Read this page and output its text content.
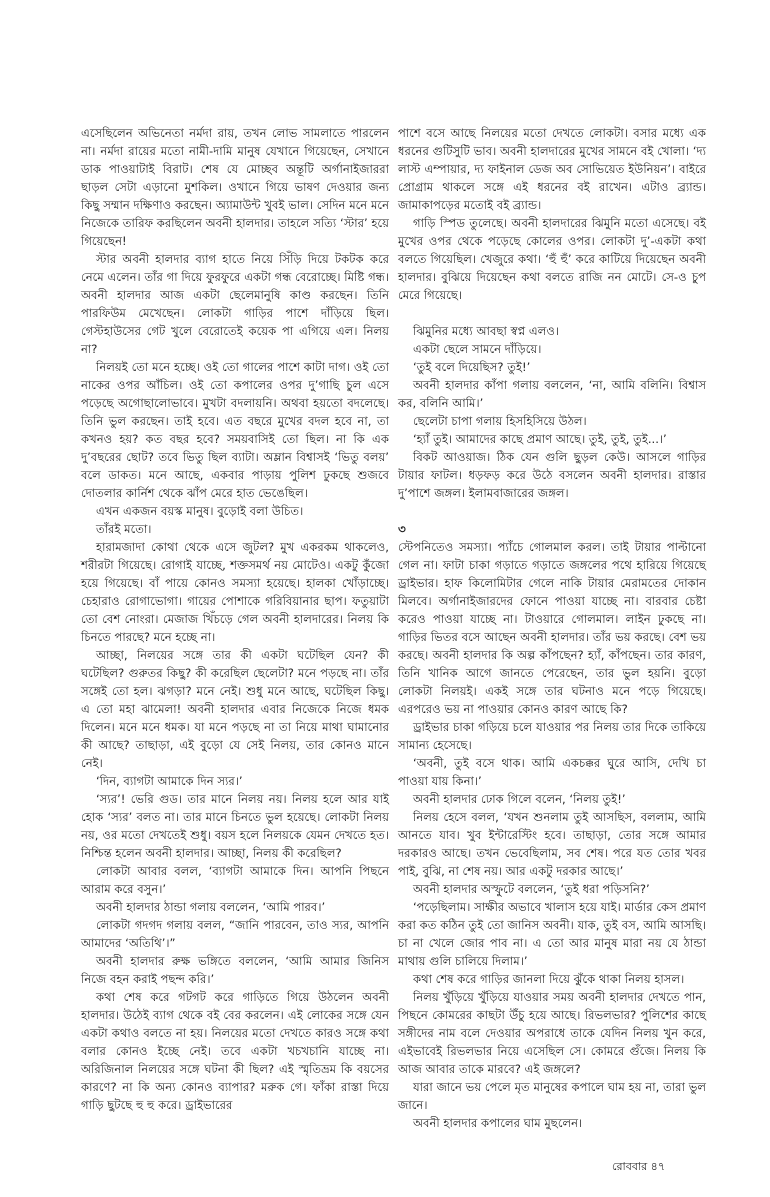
এসেছিলেন অভিনেতা নর্মদা রায়, তখন লোভ সামলাতে পারলেন না। নর্মদা রায়ের মতো নামী-দামি মানুষ যেখানে গিয়েছেন, সেখানে ডাক পাওয়াটাই বিরাট। শেষ যে মোচ্ছব অন্তূটি অর্গানাইজাররা ছাড়ল সেটা এড়ানো মুশকিল। ওখানে গিয়ে ভাষণ দেওয়ার জন্য কিছু সম্মান দক্ষিণাও করছেন। অ্যামাউন্ট খুবই ভাল। সেদিন মনে মনে নিজেকে তারিফ করছিলেন অবনী হালদার। তাহলে সত্যি ‘স্টার’ হয়ে গিয়েছেন!

স্টার অবনী হালদার ব্যাগ হাতে নিয়ে সিঁড়ি দিয়ে টকটক করে নেমে এলেন। তাঁর গা দিয়ে ফুরফুরে একটা গন্ধ বেরোচ্ছে। মিষ্টি গন্ধ। অবনী হালদার আজ একটা ছেলেমানুষি কাণ্ড করছেন। তিনি পারফিউম মেখেছেন। লোকটা গাড়ির পাশে দাঁড়িয়ে ছিল। গেস্টহাউসের গেট খুলে বেরোতেই কয়েক পা এগিয়ে এল। নিলয় না?

নিলয়ই তো মনে হচ্ছে। ওই তো গালের পাশে কাটা দাগ। ওই তো নাকের ওপর আঁচিল। ওই তো কপালের ওপর দু’গাছি চুল এসে পড়েছে অগোছালোভাবে। মুখটা বদলায়নি। অথবা হয়তো বদলেছে। তিনি ভুল করছেন। তাই হবে। এত বছরে মুখের বদল হবে না, তা কখনও হয়? কত বছর হবে? সময়বাসিই তো ছিল। না কি এক দু’বছরের ছোট? তবে ভিতু ছিল ব্যাটা। অম্লান বিশ্বাসই ‘ভিতু বলয়’ বলে ডাকত। মনে আছে, একবার পাড়ায় পুলিশ ঢুকছে শুজবে দোতলার কার্নিশ থেকে ঝাঁপ মেরে হাত ভেঙেছিল।

এখন একজন বয়স্ক মানুষ। বুড়োই বলা উচিত।

তাঁরই মতো।

হারামজাদা কোথা থেকে এসে জুটল? মুখ একরকম থাকলেও, শরীরটা গিয়েছে। রোগাই যাচ্ছে, শক্তসমর্থ নয় মোটেও। একটু কুঁজো হয়ে গিয়েছে। বাঁ পায়ে কোনও সমস্যা হয়েছে। হালকা খোঁড়াচ্ছে। চেহারাও রোগাভোগা। গায়ের পোশাকে গরিবিয়ানার ছাপ। ফতুয়াটা তো বেশ নোংরা। মেজাজ খিঁচড়ে গেল অবনী হালদারের। নিলয় কি চিনতে পারছে? মনে হচ্ছে না।

আচ্ছা, নিলয়ের সঙ্গে তার কী একটা ঘটেছিল যেন? কী ঘটেছিল? গুরুতর কিছু? কী করেছিল ছেলেটা? মনে পড়ছে না। তাঁর সঙ্গেই তো হল। ঝগড়া? মনে নেই। শুধু মনে আছে, ঘটেছিল কিছু। এ তো মহা ঝামেলা! অবনী হালদার এবার নিজেকে নিজে ধমক দিলেন। মনে মনে ধমক। যা মনে পড়ছে না তা নিয়ে মাথা ঘামানোর কী আছে? তাছাড়া, এই বুড়ো যে সেই নিলয়, তার কোনও মানে নেই।

‘দিন, ব্যাগটা আমাকে দিন স্যর।’

‘স্যর’! ভেরি গুড। তার মানে নিলয় নয়। নিলয় হলে আর যাই হোক ‘স্যর’ বলত না। তার মানে চিনতে ভুল হয়েছে। লোকটা নিলয় নয়, ওর মতো দেখতেই শুধু। বয়স হলে নিলয়কে যেমন দেখতে হত। নিশ্চিন্ত হলেন অবনী হালদার। আচ্ছা, নিলয় কী করেছিল?

লোকটা আবার বলল, ‘ব্যাগটা আমাকে দিন। আপনি পিছনে আরাম করে বসুন।’

অবনী হালদার ঠান্ডা গলায় বললেন, ‘আমি পারব।’

লোকটা গদগদ গলায় বলল, “জানি পারবেন, তাও স্যর, আপনি আমাদের ‘অতিথি’।”

অবনী হালদার রুক্ষ ভঙ্গিতে বললেন, ‘আমি আমার জিনিস নিজে বহন করাই পছন্দ করি।’

কথা শেষ করে গটগট করে গাড়িতে গিয়ে উঠলেন অবনী হালদার। উঠেই ব্যাগ থেকে বই বের করলেন। এই লোকের সঙ্গে যেন একটা কথাও বলতে না হয়। নিলয়ের মতো দেখতে কারও সঙ্গে কথা বলার কোনও ইচ্ছে নেই। তবে একটা খচখচানি যাচ্ছে না। অরিজিনাল নিলয়ের সঙ্গে ঘটনা কী ছিল? এই স্মৃতিভ্রম কি বয়সের কারণে? না কি অন্য কোনও ব্যাপার? মরুক গে। ফাঁকা রাস্তা দিয়ে গাড়ি ছুটছে হু হু করে। ড্রাইভারের

পাশে বসে আছে নিলয়ের মতো দেখতে লোকটা। বসার মধ্যে এক ধরনের গুটিসুটি ভাব। অবনী হালদারের মুখের সামনে বই খোলা। ‘দ্য লাস্ট এম্পায়ার, দ্য ফাইনাল ডেজ অব সোভিয়েত ইউনিয়ন’। বাইরে প্রোগ্রাম থাকলে সঙ্গে এই ধরনের বই রাখেন। এটাও ব্র্যান্ড। জামাকাপড়ের মতোই বই ব্র্যান্ড।

গাড়ি স্পিড তুলেছে। অবনী হালদারের ঝিমুনি মতো এসেছে। বই মুখের ওপর থেকে পড়েছে কোলের ওপর। লোকটা দু’-একটা কথা বলতে গিয়েছিল। খেজুরে কথা। ‘হুঁ হুঁ’ করে কাটিয়ে দিয়েছেন অবনী হালদার। বুঝিয়ে দিয়েছেন কথা বলতে রাজি নন মোটে। সে-ও চুপ মেরে গিয়েছে।

ঝিমুনির মধ্যে আবছা স্বপ্ন এলও।

একটা ছেলে সামনে দাঁড়িয়ে।

‘তুই বলে দিয়েছিস? তুই!’

অবনী হালদার কাঁপা গলায় বললেন, ‘না, আমি বলিনি। বিশ্বাস কর, বলিনি আমি।’

ছেলেটা চাপা গলায় হিসহিসিয়ে উঠল।

‘হ্যাঁ তুই। আমাদের কাছে প্রমাণ আছে। তুই, তুই, তুই...।’

বিকট আওয়াজ। ঠিক যেন গুলি ছুড়ল কেউ। আসলে গাড়ির টায়ার ফাটল। ধড়ফড় করে উঠে বসলেন অবনী হালদার। রাস্তার দু’পাশে জঙ্গল। ইলামবাজারের জঙ্গল।

৩

স্টেপনিতেও সমস্যা। প্যাঁচে গোলমাল করল। তাই টায়ার পাল্টানো গেল না। ফাটা চাকা গড়াতে গড়াতে জঙ্গলের পথে হারিয়ে গিয়েছে ড্রাইভার। হাফ কিলোমিটার গেলে নাকি টায়ার মেরামতের দোকান মিলবে। অর্গানাইজারদের ফোনে পাওয়া যাচ্ছে না। বারবার চেষ্টা করেও পাওয়া যাচ্ছে না। টাওয়ারে গোলমাল। লাইন ঢুকছে না। গাড়ির ভিতর বসে আছেন অবনী হালদার। তাঁর ভয় করছে। বেশ ভয় করছে। অবনী হালদার কি অল্প কাঁপছেন? হ্যাঁ, কাঁপছেন। তার কারণ, তিনি খানিক আগে জানতে পেরেছেন, তার ভুল হয়নি। বুড়ো লোকটা নিলয়ই। একই সঙ্গে তার ঘটনাও মনে পড়ে গিয়েছে। এরপরেও ভয় না পাওয়ার কোনও কারণ আছে কি?

ড্রাইভার চাকা গড়িয়ে চলে যাওয়ার পর নিলয় তার দিকে তাকিয়ে সামান্য হেসেছে।

‘অবনী, তুই বসে থাক। আমি একচক্কর ঘুরে আসি, দেখি চা পাওয়া যায় কিনা।’

অবনী হালদার ঢোক গিলে বলেন, ‘নিলয় তুই!’

নিলয় হেসে বলল, ‘যখন শুনলাম তুই আসছিস, বললাম, আমি আনতে যাব। খুব ইন্টারেস্টিং হবে। তাছাড়া, তোর সঙ্গে আমার দরকারও আছে। তখন ভেবেছিলাম, সব শেষ। পরে যত তোর খবর পাই, বুঝি, না শেষ নয়। আর একটু দরকার আছে।’

অবনী হালদার অস্ফুটে বললেন, ‘তুই ধরা পড়িসনি?’

‘পড়েছিলাম। সাক্ষীর অভাবে খালাস হয়ে যাই। মার্ডার কেস প্রমাণ করা কত কঠিন তুই তো জানিস অবনী। যাক, তুই বস, আমি আসছি। চা না খেলে জোর পাব না। এ তো আর মানুষ মারা নয় যে ঠান্ডা মাথায় গুলি চালিয়ে দিলাম।’

কথা শেষ করে গাড়ির জানলা দিয়ে ঝুঁকে থাকা নিলয় হাসল।

নিলয় খুঁড়িয়ে খুঁড়িয়ে যাওয়ার সময় অবনী হালদার দেখতে পান, পিছনে কোমরের কাছটা উঁচু হয়ে আছে। রিভলভার? পুলিশের কাছে সঙ্গীদের নাম বলে দেওয়ার অপরাধে তাকে যেদিন নিলয় খুন করে, এইভাবেই রিভলভার নিয়ে এসেছিল সে। কোমরে গুঁজে। নিলয় কি আজ আবার তাকে মারবে? এই জঙ্গলে?

যারা জানে ভয় পেলে মৃত মানুষের কপালে ঘাম হয় না, তারা ভুল জানে।

অবনী হালদার কপালের ঘাম মুছলেন।

রোববার ৪৭
